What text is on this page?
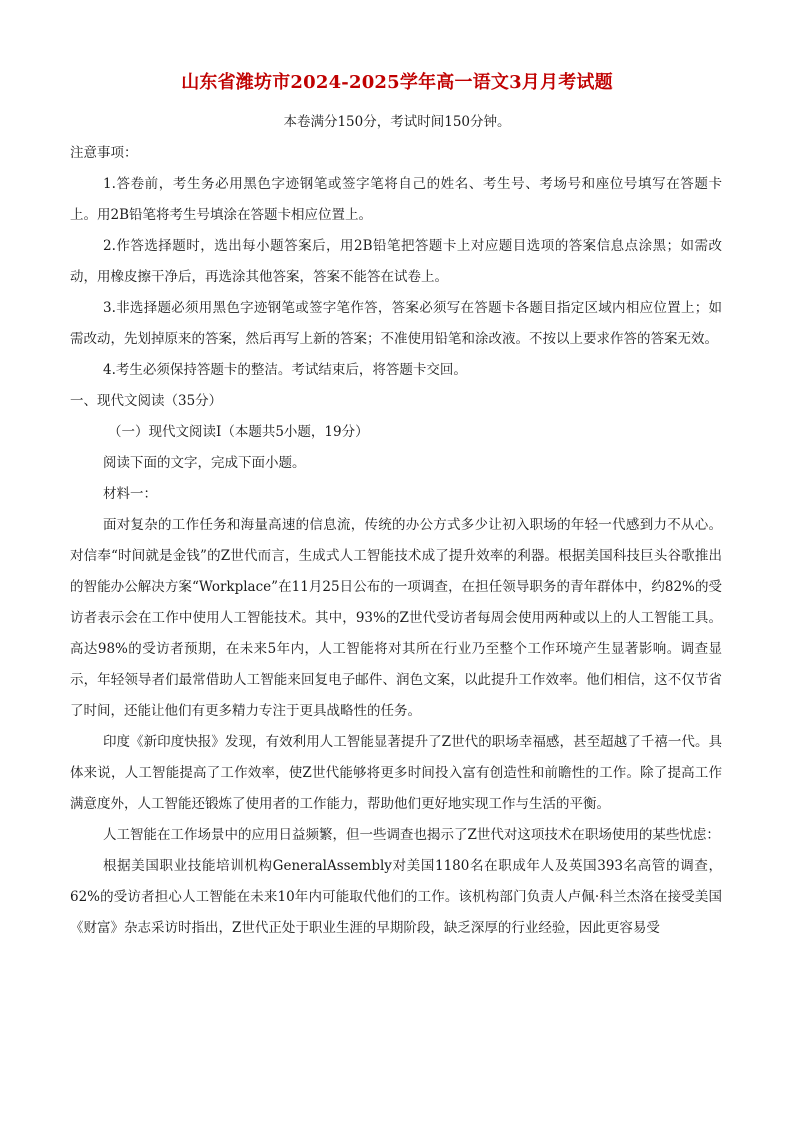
山东省潍坊市2024-2025学年高一语文3月月考试题
本卷满分150分，考试时间150分钟。

注意事项：

1.答卷前，考生务必用黑色字迹钢笔或签字笔将自己的姓名、考生号、考场号和座位号填写在答题卡上。用2B铅笔将考生号填涂在答题卡相应位置上。

2.作答选择题时，选出每小题答案后，用2B铅笔把答题卡上对应题目选项的答案信息点涂黑；如需改动，用橡皮擦干净后，再选涂其他答案，答案不能答在试卷上。

3.非选择题必须用黑色字迹钢笔或签字笔作答，答案必须写在答题卡各题目指定区域内相应位置上；如需改动，先划掉原来的答案，然后再写上新的答案；不准使用铅笔和涂改液。不按以上要求作答的答案无效。

4.考生必须保持答题卡的整洁。考试结束后，将答题卡交回。

一、现代文阅读（35分）

（一）现代文阅读Ⅰ（本题共5小题，19分）

阅读下面的文字，完成下面小题。

材料一：

面对复杂的工作任务和海量高速的信息流，传统的办公方式多少让初入职场的年轻一代感到力不从心。对信奉“时间就是金钱”的Z世代而言，生成式人工智能技术成了提升效率的利器。根据美国科技巨头谷歌推出的智能办公解决方案“Workplace”在11月25日公布的一项调查，在担任领导职务的青年群体中，约82%的受访者表示会在工作中使用人工智能技术。其中，93%的Z世代受访者每周会使用两种或以上的人工智能工具。高达98%的受访者预期，在未来5年内，人工智能将对其所在行业乃至整个工作环境产生显著影响。调查显示，年轻领导者们最常借助人工智能来回复电子邮件、润色文案，以此提升工作效率。他们相信，这不仅节省了时间，还能让他们有更多精力专注于更具战略性的任务。

印度《新印度快报》发现，有效利用人工智能显著提升了Z世代的职场幸福感，甚至超越了千禧一代。具体来说，人工智能提高了工作效率，使Z世代能够将更多时间投入富有创造性和前瞻性的工作。除了提高工作满意度外，人工智能还锻炼了使用者的工作能力，帮助他们更好地实现工作与生活的平衡。

人工智能在工作场景中的应用日益频繁，但一些调查也揭示了Z世代对这项技术在职场使用的某些忧虑：

根据美国职业技能培训机构GeneralAssembly对美国1180名在职成年人及英国393名高管的调查，62%的受访者担心人工智能在未来10年内可能取代他们的工作。该机构部门负责人卢佩·科兰杰洛在接受美国《财富》杂志采访时指出，Z世代正处于职业生涯的早期阶段，缺乏深厚的行业经验，因此更容易受
